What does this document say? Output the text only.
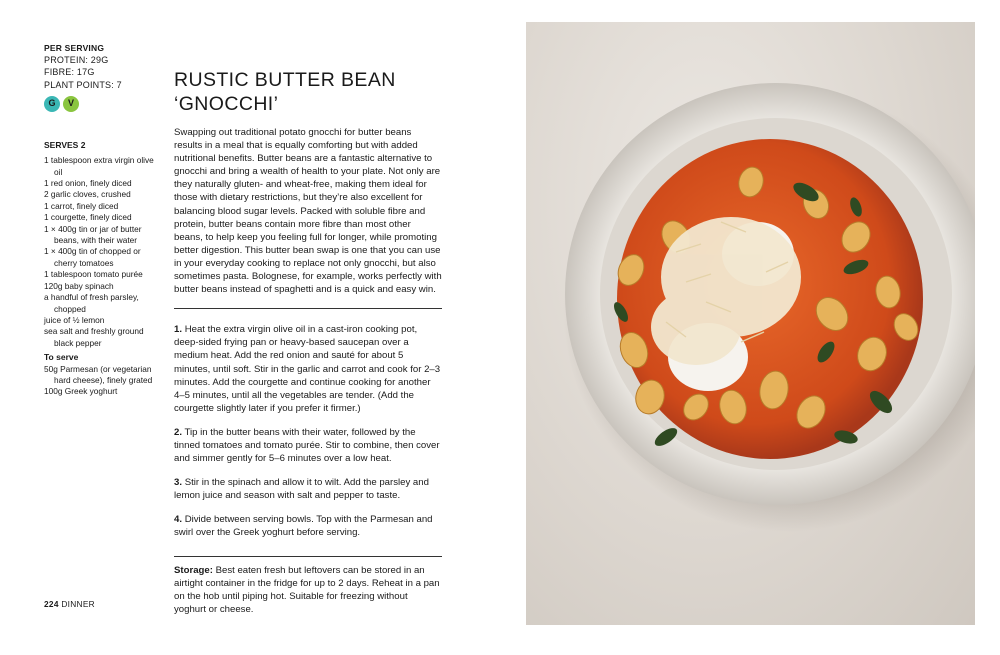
PER SERVING
PROTEIN: 29G
FIBRE: 17G
PLANT POINTS: 7
G	V
SERVES 2
1 tablespoon extra virgin olive oil
1 red onion, finely diced
2 garlic cloves, crushed
1 carrot, finely diced
1 courgette, finely diced
1 × 400g tin or jar of butter beans, with their water
1 × 400g tin of chopped or cherry tomatoes
1 tablespoon tomato purée
120g baby spinach
a handful of fresh parsley, chopped
juice of ½ lemon
sea salt and freshly ground black pepper
To serve
50g Parmesan (or vegetarian hard cheese), finely grated
100g Greek yoghurt
RUSTIC BUTTER BEAN ‘GNOCCHI’

Swapping out traditional potato gnocchi for butter beans results in a meal that is equally comforting but with added nutritional benefits. Butter beans are a fantastic alternative to gnocchi and bring a wealth of health to your plate. Not only are they naturally gluten- and wheat-free, making them ideal for those with dietary restrictions, but they’re also excellent for balancing blood sugar levels. Packed with soluble fibre and protein, butter beans contain more fibre than most other beans, to help keep you feeling full for longer, while promoting better digestion. This butter bean swap is one that you can use in your everyday cooking to replace not only gnocchi, but also sometimes pasta. Bolognese, for example, works perfectly with butter beans instead of spaghetti and is a quick and easy win.

1. Heat the extra virgin olive oil in a cast-iron cooking pot, deep-sided frying pan or heavy-based saucepan over a medium heat. Add the red onion and sauté for about 5 minutes, until soft. Stir in the garlic and carrot and cook for 2–3 minutes. Add the courgette and continue cooking for another 4–5 minutes, until all the vegetables are tender. (Add the courgette slightly later if you prefer it firmer.)

2. Tip in the butter beans with their water, followed by the tinned tomatoes and tomato purée. Stir to combine, then cover and simmer gently for 5–6 minutes over a low heat.

3. Stir in the spinach and allow it to wilt. Add the parsley and lemon juice and season with salt and pepper to taste.

4. Divide between serving bowls. Top with the Parmesan and swirl over the Greek yoghurt before serving.

Storage: Best eaten fresh but leftovers can be stored in an airtight container in the fridge for up to 2 days. Reheat in a pan on the hob until piping hot. Suitable for freezing without yoghurt or cheese.

224 DINNER
